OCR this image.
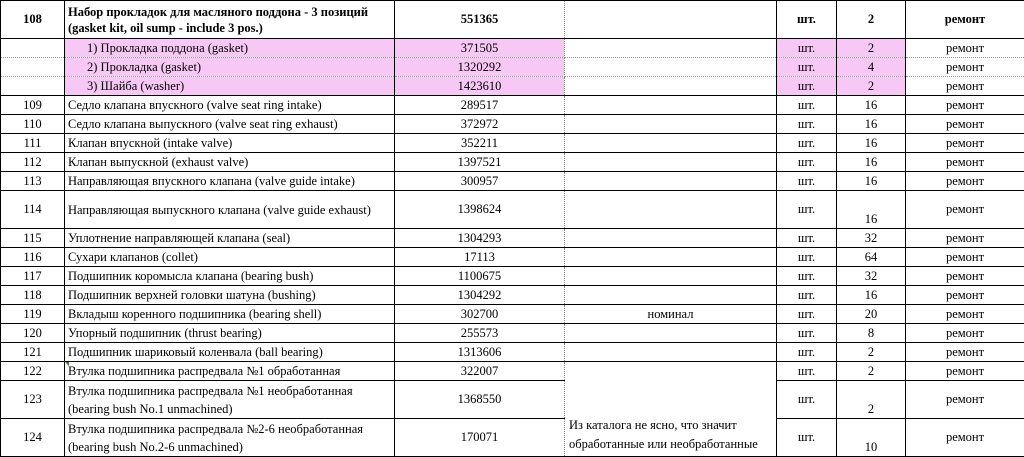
108	Набор прокладок для масляного поддона - 3 позиций (gasket kit, oil sump - include 3 pos.)	551365		шт.	2	ремонт
	1) Прокладка поддона (gasket)	371505		шт.	2	ремонт
	2) Прокладка (gasket)	1320292		шт.	4	ремонт
	3) Шайба (washer)	1423610		шт.	2	ремонт
109	Седло клапана впускного (valve seat ring intake)	289517		шт.	16	ремонт
110	Седло клапана выпускного (valve seat ring exhaust)	372972		шт.	16	ремонт
111	Клапан впускной (intake valve)	352211		шт.	16	ремонт
112	Клапан выпускной (exhaust valve)	1397521		шт.	16	ремонт
113	Направляющая впускного клапана (valve guide intake)	300957		шт.	16	ремонт
114	Направляющая выпускного клапана (valve guide exhaust)	1398624		шт.	16	ремонт
115	Уплотнение направляющей клапана (seal)	1304293		шт.	32	ремонт
116	Сухари клапанов (collet)	17113		шт.	64	ремонт
117	Подшипник коромысла клапана (bearing bush)	1100675		шт.	32	ремонт
118	Подшипник верхней головки шатуна (bushing)	1304292		шт.	16	ремонт
119	Вкладыш коренного подшипника (bearing shell)	302700	номинал	шт.	20	ремонт
120	Упорный подшипник (thrust bearing)	255573		шт.	8	ремонт
121	Подшипник шариковый коленвала (ball bearing)	1313606		шт.	2	ремонт
122	Втулка подшипника распредвала №1 обработанная	322007	Из каталога не ясно, что значит обработанные или необработанные	шт.	2	ремонт
123	Втулка подшипника распредвала №1 необработанная (bearing bush No.1 unmachined)	1368550		шт.	2	ремонт
124	Втулка подшипника распредвала №2-6 необработанная (bearing bush No.2-6 unmachined)	170071		шт.	10	ремонт
